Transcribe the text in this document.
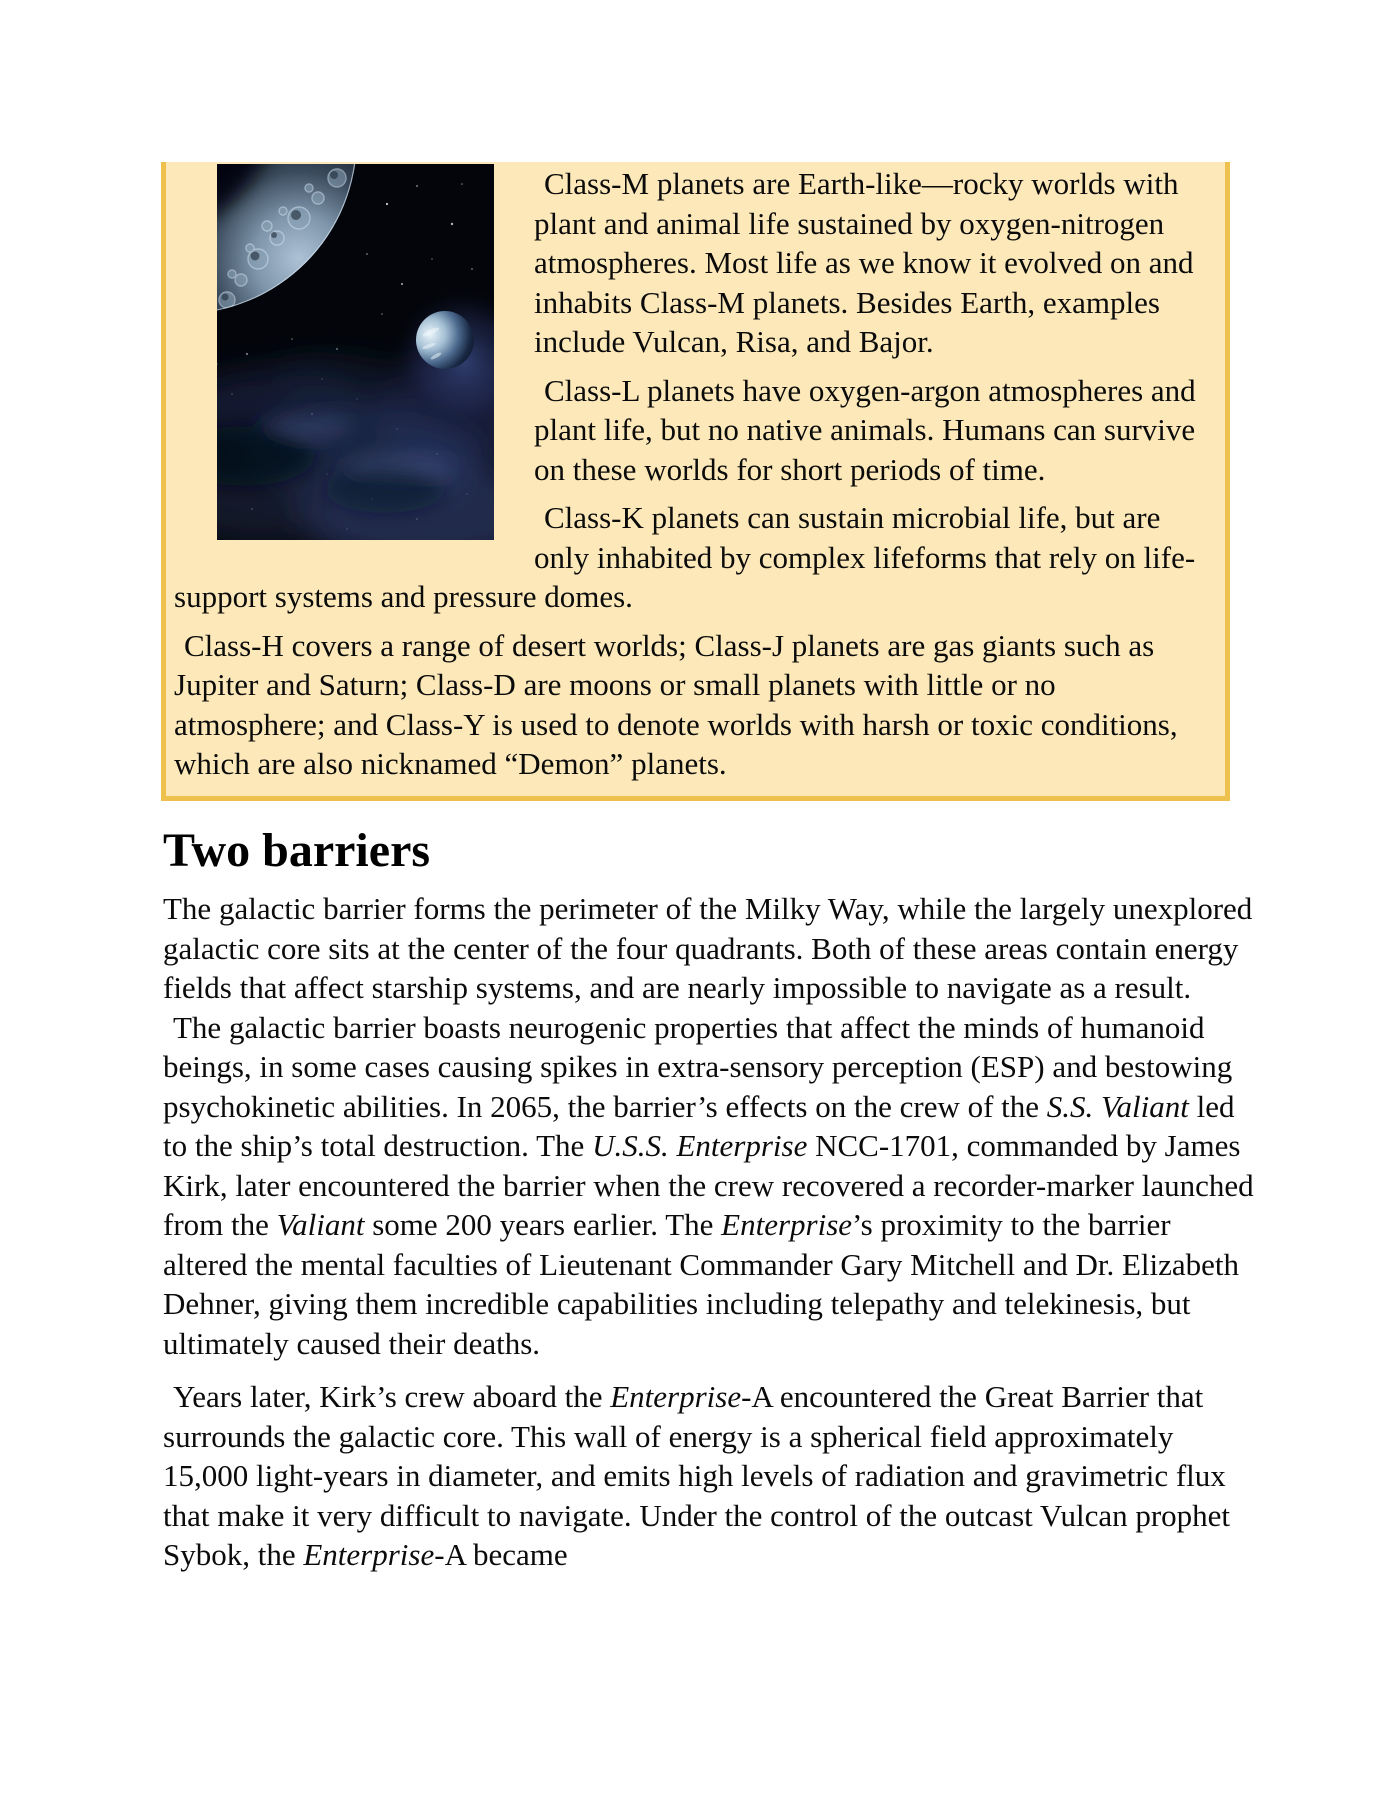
Class-M planets are Earth-like—rocky worlds with plant and animal life sustained by oxygen-nitrogen atmospheres. Most life as we know it evolved on and inhabits Class-M planets. Besides Earth, examples include Vulcan, Risa, and Bajor.

Class-L planets have oxygen-argon atmospheres and plant life, but no native animals. Humans can survive on these worlds for short periods of time.

Class-K planets can sustain microbial life, but are only inhabited by complex lifeforms that rely on life-support systems and pressure domes.

Class-H covers a range of desert worlds; Class-J planets are gas giants such as Jupiter and Saturn; Class-D are moons or small planets with little or no atmosphere; and Class-Y is used to denote worlds with harsh or toxic conditions, which are also nicknamed “Demon” planets.

Two barriers

The galactic barrier forms the perimeter of the Milky Way, while the largely unexplored galactic core sits at the center of the four quadrants. Both of these areas contain energy fields that affect starship systems, and are nearly impossible to navigate as a result.

The galactic barrier boasts neurogenic properties that affect the minds of humanoid beings, in some cases causing spikes in extra-sensory perception (ESP) and bestowing psychokinetic abilities. In 2065, the barrier’s effects on the crew of the S.S. Valiant led to the ship’s total destruction. The U.S.S. Enterprise NCC-1701, commanded by James Kirk, later encountered the barrier when the crew recovered a recorder-marker launched from the Valiant some 200 years earlier. The Enterprise’s proximity to the barrier altered the mental faculties of Lieutenant Commander Gary Mitchell and Dr. Elizabeth Dehner, giving them incredible capabilities including telepathy and telekinesis, but ultimately caused their deaths.

Years later, Kirk’s crew aboard the Enterprise-A encountered the Great Barrier that surrounds the galactic core. This wall of energy is a spherical field approximately 15,000 light-years in diameter, and emits high levels of radiation and gravimetric flux that make it very difficult to navigate. Under the control of the outcast Vulcan prophet Sybok, the Enterprise-A became
